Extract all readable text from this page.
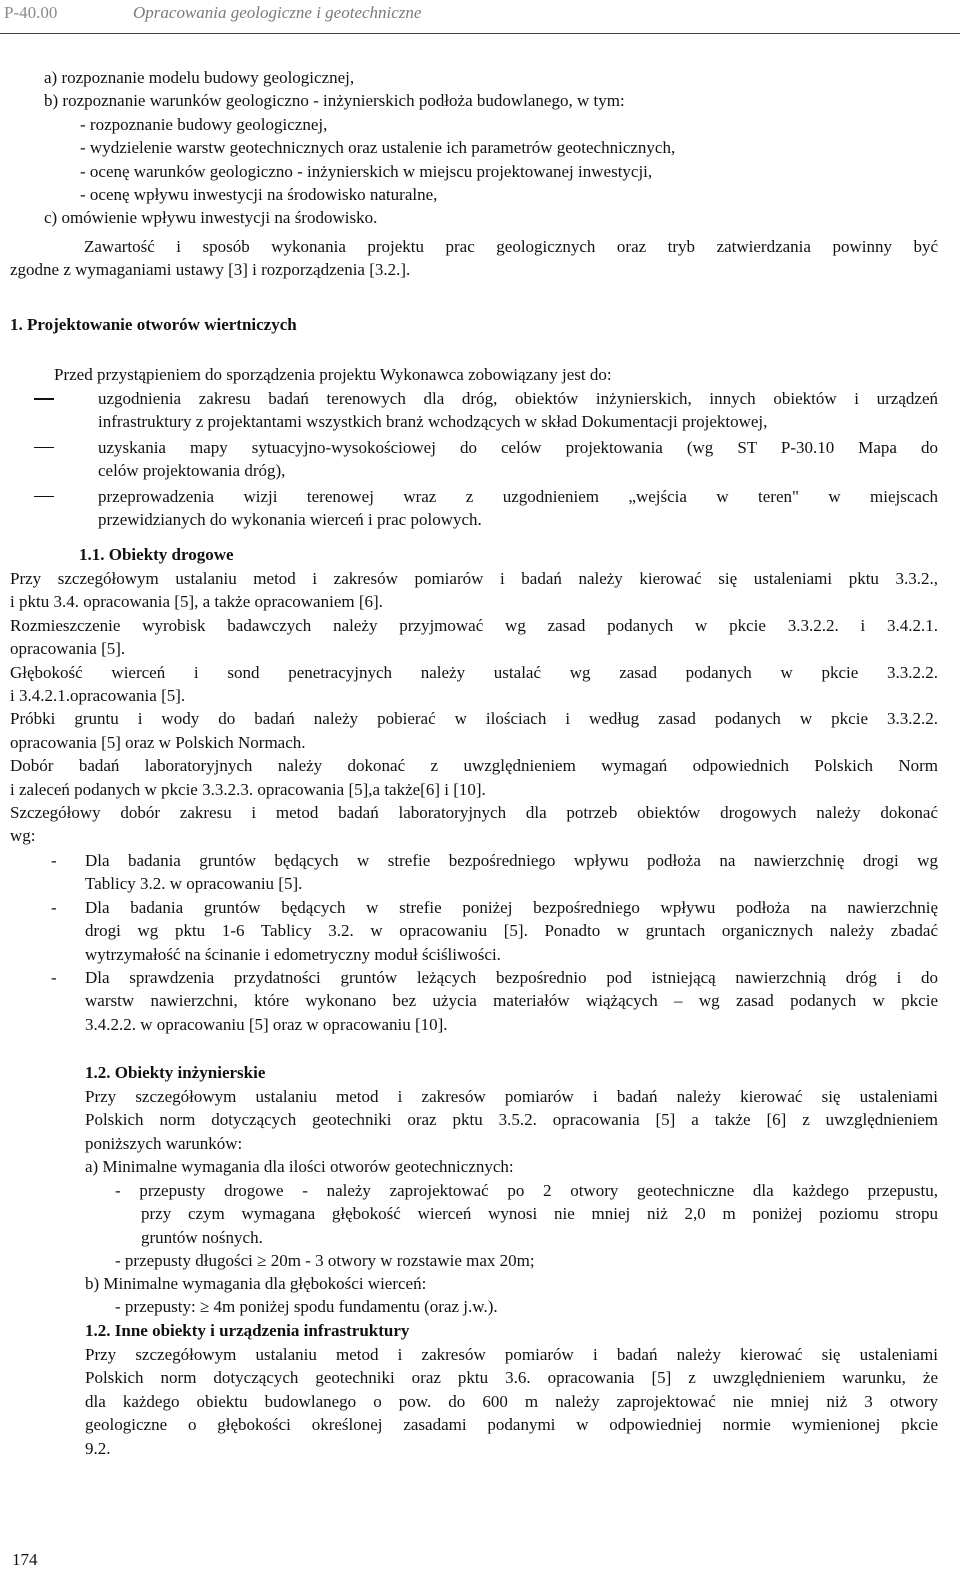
P-40.00	Opracowania geologiczne i geotechniczne
a) rozpoznanie modelu budowy geologicznej,
b) rozpoznanie warunków geologiczno - inżynierskich podłoża budowlanego, w tym:
- rozpoznanie budowy geologicznej,
- wydzielenie warstw geotechnicznych oraz ustalenie ich parametrów geotechnicznych,
- ocenę warunków geologiczno - inżynierskich w miejscu projektowanej inwestycji,
- ocenę wpływu inwestycji na środowisko naturalne,
c) omówienie wpływu inwestycji na środowisko.
Zawartość i sposób wykonania projektu prac geologicznych oraz tryb zatwierdzania powinny być
zgodne z wymaganiami ustawy [3] i rozporządzenia [3.2.].
1. Projektowanie otworów wiertniczych
Przed przystąpieniem do sporządzenia projektu Wykonawca zobowiązany jest do:
uzgodnienia zakresu badań terenowych dla dróg, obiektów inżynierskich, innych obiektów i urządzeń
infrastruktury z projektantami wszystkich branż wchodzących w skład Dokumentacji projektowej,
uzyskania mapy sytuacyjno-wysokościowej do celów projektowania (wg ST P-30.10 Mapa do
celów projektowania dróg),
przeprowadzenia wizji terenowej wraz z uzgodnieniem „wejścia w teren" w miejscach
przewidzianych do wykonania wierceń i prac polowych.
1.1. Obiekty drogowe
Przy szczegółowym ustalaniu metod i zakresów pomiarów i badań należy kierować się ustaleniami pktu 3.3.2.,
i pktu 3.4. opracowania [5], a także opracowaniem [6].
Rozmieszczenie wyrobisk badawczych należy przyjmować wg zasad podanych w pkcie 3.3.2.2. i 3.4.2.1.
opracowania [5].
Głębokość wierceń i sond penetracyjnych należy ustalać wg zasad podanych w pkcie 3.3.2.2.
i 3.4.2.1.opracowania [5].
Próbki gruntu i wody do badań należy pobierać w ilościach i według zasad podanych w pkcie 3.3.2.2.
opracowania [5] oraz w Polskich Normach.
Dobór badań laboratoryjnych należy dokonać z uwzględnieniem wymagań odpowiednich Polskich Norm
i zaleceń podanych w pkcie 3.3.2.3. opracowania [5],a także[6] i [10].
Szczegółowy dobór zakresu i metod badań laboratoryjnych dla potrzeb obiektów drogowych należy dokonać
wg:
- Dla badania gruntów będących w strefie bezpośredniego wpływu podłoża na nawierzchnię drogi wg
Tablicy 3.2. w opracowaniu [5].
- Dla badania gruntów będących w strefie poniżej bezpośredniego wpływu podłoża na nawierzchnię
drogi wg pktu 1-6 Tablicy 3.2. w opracowaniu [5]. Ponadto w gruntach organicznych należy zbadać
wytrzymałość na ścinanie i edometryczny moduł ściśliwości.
- Dla sprawdzenia przydatności gruntów leżących bezpośrednio pod istniejącą nawierzchnią dróg i do
warstw nawierzchni, które wykonano bez użycia materiałów wiążących – wg zasad podanych w pkcie
3.4.2.2. w opracowaniu [5] oraz w opracowaniu [10].
1.2. Obiekty inżynierskie
Przy szczegółowym ustalaniu metod i zakresów pomiarów i badań należy kierować się ustaleniami
Polskich norm dotyczących geotechniki oraz pktu 3.5.2. opracowania [5] a także [6] z uwzględnieniem
poniższych warunków:
a) Minimalne wymagania dla ilości otworów geotechnicznych:
- przepusty drogowe - należy zaprojektować po 2 otwory geotechniczne dla każdego przepustu,
przy czym wymagana głębokość wierceń wynosi nie mniej niż 2,0 m poniżej poziomu stropu
gruntów nośnych.
- przepusty długości ≥ 20m - 3 otwory w rozstawie max 20m;
b) Minimalne wymagania dla głębokości wierceń:
- przepusty: ≥ 4m poniżej spodu fundamentu (oraz j.w.).
1.2. Inne obiekty i urządzenia infrastruktury
Przy szczegółowym ustalaniu metod i zakresów pomiarów i badań należy kierować się ustaleniami
Polskich norm dotyczących geotechniki oraz pktu 3.6. opracowania [5] z uwzględnieniem warunku, że
dla każdego obiektu budowlanego o pow. do 600 m należy zaprojektować nie mniej niż 3 otwory
geologiczne o głębokości określonej zasadami podanymi w odpowiedniej normie wymienionej pkcie
9.2.
174
